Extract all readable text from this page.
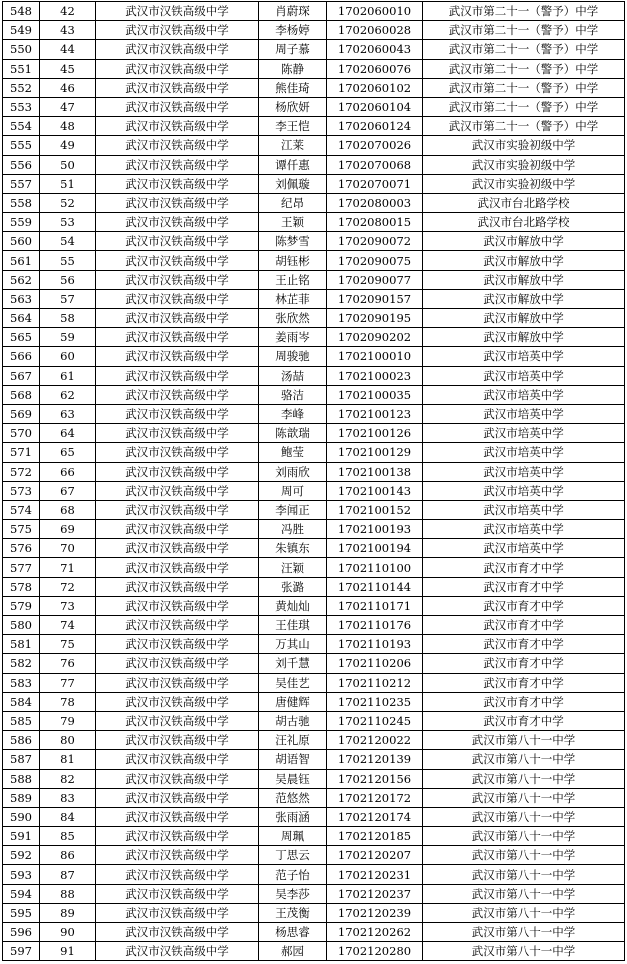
548	42	武汉市汉铁高级中学	肖蔚琛	1702060010	武汉市第二十一（警予）中学
549	43	武汉市汉铁高级中学	李杨婷	1702060028	武汉市第二十一（警予）中学
550	44	武汉市汉铁高级中学	周子慕	1702060043	武汉市第二十一（警予）中学
551	45	武汉市汉铁高级中学	陈静	1702060076	武汉市第二十一（警予）中学
552	46	武汉市汉铁高级中学	熊佳琦	1702060102	武汉市第二十一（警予）中学
553	47	武汉市汉铁高级中学	杨欣妍	1702060104	武汉市第二十一（警予）中学
554	48	武汉市汉铁高级中学	李王恺	1702060124	武汉市第二十一（警予）中学
555	49	武汉市汉铁高级中学	江莱	1702070026	武汉市实验初级中学
556	50	武汉市汉铁高级中学	谭仟惠	1702070068	武汉市实验初级中学
557	51	武汉市汉铁高级中学	刘佩璇	1702070071	武汉市实验初级中学
558	52	武汉市汉铁高级中学	纪昂	1702080003	武汉市台北路学校
559	53	武汉市汉铁高级中学	王颖	1702080015	武汉市台北路学校
560	54	武汉市汉铁高级中学	陈梦雪	1702090072	武汉市解放中学
561	55	武汉市汉铁高级中学	胡钰彬	1702090075	武汉市解放中学
562	56	武汉市汉铁高级中学	王止铭	1702090077	武汉市解放中学
563	57	武汉市汉铁高级中学	林芷菲	1702090157	武汉市解放中学
564	58	武汉市汉铁高级中学	张欣然	1702090195	武汉市解放中学
565	59	武汉市汉铁高级中学	姜雨岑	1702090202	武汉市解放中学
566	60	武汉市汉铁高级中学	周骏驰	1702100010	武汉市培英中学
567	61	武汉市汉铁高级中学	汤喆	1702100023	武汉市培英中学
568	62	武汉市汉铁高级中学	骆洁	1702100035	武汉市培英中学
569	63	武汉市汉铁高级中学	李峰	1702100123	武汉市培英中学
570	64	武汉市汉铁高级中学	陈歆瑞	1702100126	武汉市培英中学
571	65	武汉市汉铁高级中学	鲍莹	1702100129	武汉市培英中学
572	66	武汉市汉铁高级中学	刘雨欣	1702100138	武汉市培英中学
573	67	武汉市汉铁高级中学	周可	1702100143	武汉市培英中学
574	68	武汉市汉铁高级中学	李闻正	1702100152	武汉市培英中学
575	69	武汉市汉铁高级中学	冯胜	1702100193	武汉市培英中学
576	70	武汉市汉铁高级中学	朱镇东	1702100194	武汉市培英中学
577	71	武汉市汉铁高级中学	汪颖	1702110100	武汉市育才中学
578	72	武汉市汉铁高级中学	张潞	1702110144	武汉市育才中学
579	73	武汉市汉铁高级中学	黄灿灿	1702110171	武汉市育才中学
580	74	武汉市汉铁高级中学	王佳琪	1702110176	武汉市育才中学
581	75	武汉市汉铁高级中学	万其山	1702110193	武汉市育才中学
582	76	武汉市汉铁高级中学	刘千慧	1702110206	武汉市育才中学
583	77	武汉市汉铁高级中学	吴佳艺	1702110212	武汉市育才中学
584	78	武汉市汉铁高级中学	唐健辉	1702110235	武汉市育才中学
585	79	武汉市汉铁高级中学	胡古驰	1702110245	武汉市育才中学
586	80	武汉市汉铁高级中学	汪礼原	1702120022	武汉市第八十一中学
587	81	武汉市汉铁高级中学	胡语智	1702120139	武汉市第八十一中学
588	82	武汉市汉铁高级中学	吴晨钰	1702120156	武汉市第八十一中学
589	83	武汉市汉铁高级中学	范悠然	1702120172	武汉市第八十一中学
590	84	武汉市汉铁高级中学	张雨涵	1702120174	武汉市第八十一中学
591	85	武汉市汉铁高级中学	周珮	1702120185	武汉市第八十一中学
592	86	武汉市汉铁高级中学	丁思云	1702120207	武汉市第八十一中学
593	87	武汉市汉铁高级中学	范子怡	1702120231	武汉市第八十一中学
594	88	武汉市汉铁高级中学	吴李莎	1702120237	武汉市第八十一中学
595	89	武汉市汉铁高级中学	王茂衡	1702120239	武汉市第八十一中学
596	90	武汉市汉铁高级中学	杨思睿	1702120262	武汉市第八十一中学
597	91	武汉市汉铁高级中学	郝园	1702120280	武汉市第八十一中学
